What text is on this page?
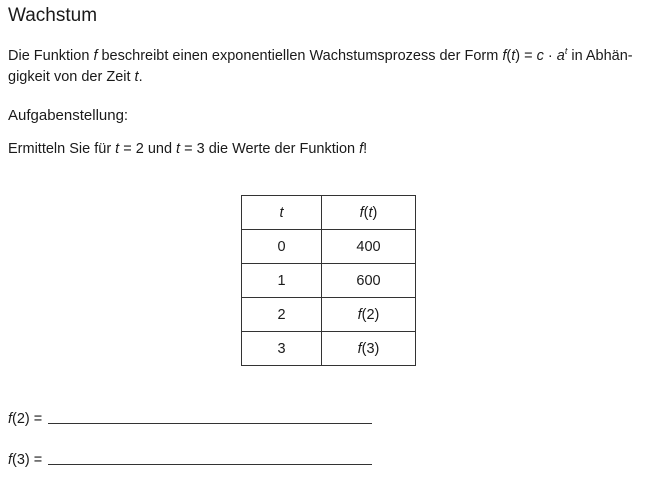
Wachstum

Die Funktion f beschreibt einen exponentiellen Wachstumsprozess der Form $f(t) = c \cdot a^t$ in Abhän-
gigkeit von der Zeit t.

Aufgabenstellung:

Ermitteln Sie für t = 2 und t = 3 die Werte der Funktion f!

t	f(t)
0	400
1	600
2	f(2)
3	f(3)
f(2) =
f(3) =
